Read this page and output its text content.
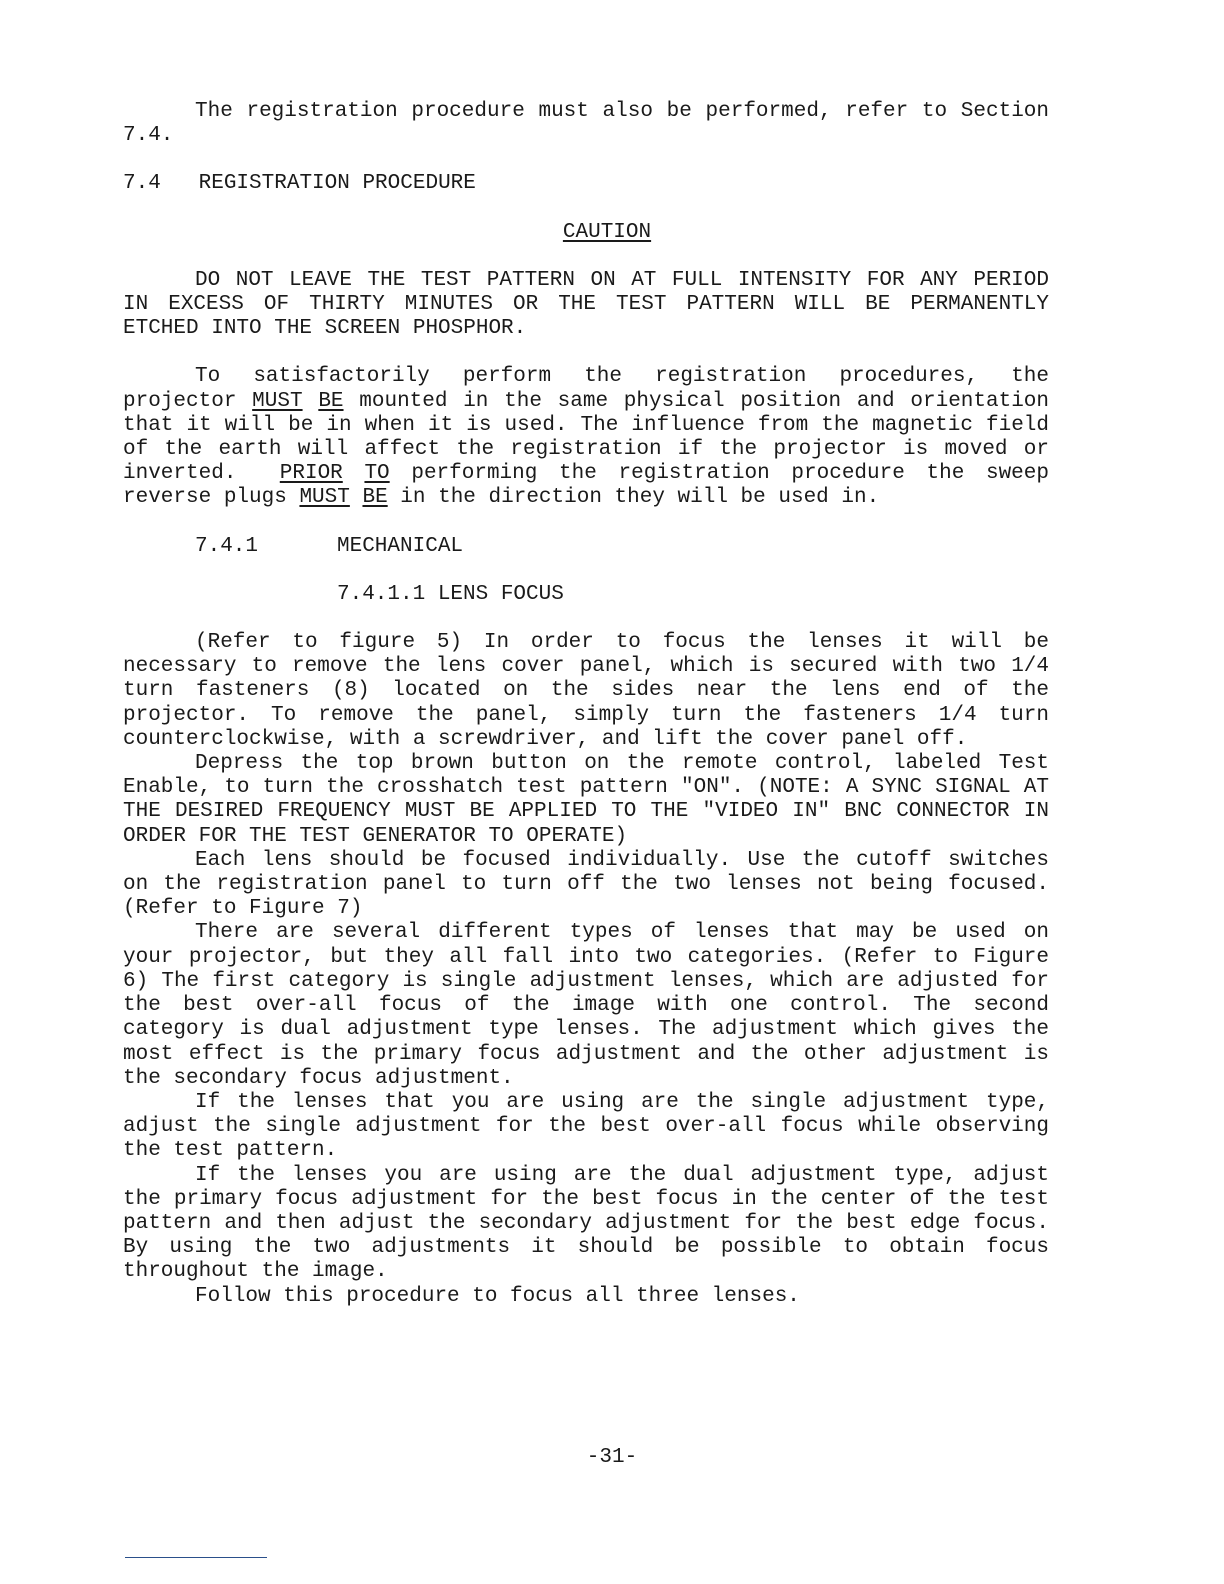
The registration procedure must also be performed, refer to Section 7.4.

7.4 REGISTRATION PROCEDURE

CAUTION

DO NOT LEAVE THE TEST PATTERN ON AT FULL INTENSITY FOR ANY PERIOD IN EXCESS OF THIRTY MINUTES OR THE TEST PATTERN WILL BE PERMANENTLY ETCHED INTO THE SCREEN PHOSPHOR.

To satisfactorily perform the registration procedures, the projector MUST BE mounted in the same physical position and orientation that it will be in when it is used. The influence from the magnetic field of the earth will affect the registration if the projector is moved or inverted. PRIOR TO performing the registration procedure the sweep reverse plugs MUST BE in the direction they will be used in.

7.4.1	MECHANICAL

7.4.1.1 LENS FOCUS

(Refer to figure 5) In order to focus the lenses it will be necessary to remove the lens cover panel, which is secured with two 1/4 turn fasteners (8) located on the sides near the lens end of the projector. To remove the panel, simply turn the fasteners 1/4 turn counterclockwise, with a screwdriver, and lift the cover panel off.

Depress the top brown button on the remote control, labeled Test Enable, to turn the crosshatch test pattern "ON". (NOTE: A SYNC SIGNAL AT THE DESIRED FREQUENCY MUST BE APPLIED TO THE "VIDEO IN" BNC CONNECTOR IN ORDER FOR THE TEST GENERATOR TO OPERATE)

Each lens should be focused individually. Use the cutoff switches on the registration panel to turn off the two lenses not being focused. (Refer to Figure 7)

There are several different types of lenses that may be used on your projector, but they all fall into two categories. (Refer to Figure 6) The first category is single adjustment lenses, which are adjusted for the best over-all focus of the image with one control. The second category is dual adjustment type lenses. The adjustment which gives the most effect is the primary focus adjustment and the other adjustment is the secondary focus adjustment.

If the lenses that you are using are the single adjustment type, adjust the single adjustment for the best over-all focus while observing the test pattern.

If the lenses you are using are the dual adjustment type, adjust the primary focus adjustment for the best focus in the center of the test pattern and then adjust the secondary adjustment for the best edge focus. By using the two adjustments it should be possible to obtain focus throughout the image.

Follow this procedure to focus all three lenses.

-31-
